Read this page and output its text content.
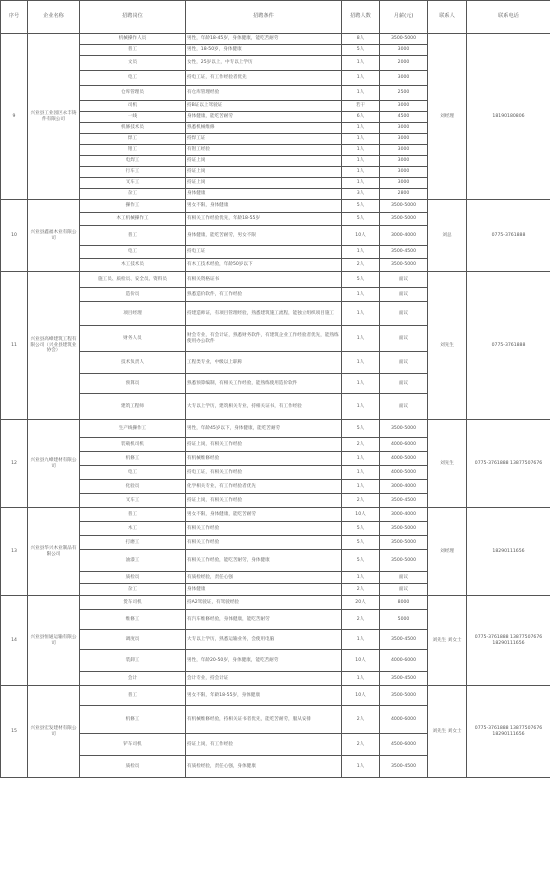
序号	企业名称	招聘岗位	招聘条件	招聘人数	月薪(元)	联系人	联系电话
9	兴业县工业园区永丰铸件有限公司	机械操作人员	男性，年龄18-45岁，身体健康，能吃苦耐劳	8人	3500-5000	刘经理	18190180806
		普工	男性，18-50岁，身体健康	5人	3000		
		文员	女性，25岁以上，中专以上学历	1人	2000		
		电工	持电工证，有工作经验者优先	1人	3000		
		仓库管理员	有仓库管理经验	1人	2500		
		司机	持B证以上驾驶证	若干	3000		
		一线	身体健康，能吃苦耐劳	6人	4500		
		机修技术员	熟悉机械维修	1人	3000		
		焊工	持焊工证	1人	3000		
		钳工	有钳工经验	1人	3000		
		电焊工	持证上岗	1人	3000		
		行车工	持证上岗	1人	3000		
		叉车工	持证上岗	1人	3000		
		杂工	身体健康	3人	2800		
10	兴业县鑫福木业有限公司	操作工	男女不限，身体健康	5人	3500-5000	刘总	0775-3761888
		木工机械操作工	有相关工作经验优先，年龄18-55岁	5人	3500-5000		
		普工	身体健康，能吃苦耐劳，男女不限	10人	3000-4000		
		电工	持电工证	1人	3500-4500		
		木工技术员	有木工技术经验，年龄50岁以下	2人	3500-5000		
11	兴业县高峰建筑工程有限公司（兴业县建筑业协会）	施工员、质检员、安全员、资料员	有相关资格证书	5人	面议	刘先生	0775-3761888
		造价员	熟悉造价软件，有工作经验	1人	面议		
		项目经理	持建造师证，有项目管理经验，熟悉建筑施工流程，能独立组织项目施工	1人	面议		
		财务人员	财会专业，有会计证，熟悉财务软件，有建筑企业工作经验者优先，能熟练使用办公软件	1人	面议		
		技术负责人	工程类专业，中级以上职称	1人	面议		
		预算员	熟悉预算编制，有相关工作经验，能熟练使用造价软件	1人	面议		
		建筑工程师	大专以上学历，建筑相关专业，持相关证书，有工作经验	1人	面议		
12	兴业县九峰建材有限公司	生产线操作工	男性，年龄45岁以下，身体健康，能吃苦耐劳	5人	3500-5000	刘先生	0775-3761888 13877507676
		装载机司机	持证上岗，有相关工作经验	2人	4000-6000		
		机修工	有机械维修经验	1人	4000-5000		
		电工	持电工证，有相关工作经验	1人	4000-5000		
		化验员	化学相关专业，有工作经验者优先	1人	3000-4000		
		叉车工	持证上岗，有相关工作经验	2人	3500-4500		
13	兴业县华兴木业制品有限公司	普工	男女不限，身体健康，能吃苦耐劳	10人	3000-4000	刘经理	18290111656
		木工	有相关工作经验	5人	3500-5000		
		打磨工	有相关工作经验	5人	3500-5000		
		油漆工	有相关工作经验，能吃苦耐劳，身体健康	5人	3500-5000		
		质检员	有质检经验，责任心强	1人	面议		
		杂工	身体健康	2人	面议		
14	兴业县恒通运输有限公司	货车司机	持A2驾驶证，有驾驶经验	20人	8000	刘先生 刘女士	0775-3761888 13877507676 18290111656
		维修工	有汽车维修经验，身体健康，能吃苦耐劳	2人	5000		
		调度员	大专以上学历，熟悉运输业务，会使用电脑	1人	3500-4500		
		装卸工	男性，年龄20-50岁，身体健康，能吃苦耐劳	10人	4000-6000		
		会计	会计专业，持会计证	1人	3500-4500		
15	兴业县宏发建材有限公司	普工	男女不限，年龄18-55岁，身体健康	10人	3500-5000	刘先生 刘女士	0775-3761888 13877507676 18290111656
		机修工	有机械维修经验，持相关证书者优先，能吃苦耐劳，服从安排	2人	4000-6000		
		铲车司机	持证上岗，有工作经验	2人	4500-6000		
		质检员	有质检经验，责任心强，身体健康	1人	3500-4500		
